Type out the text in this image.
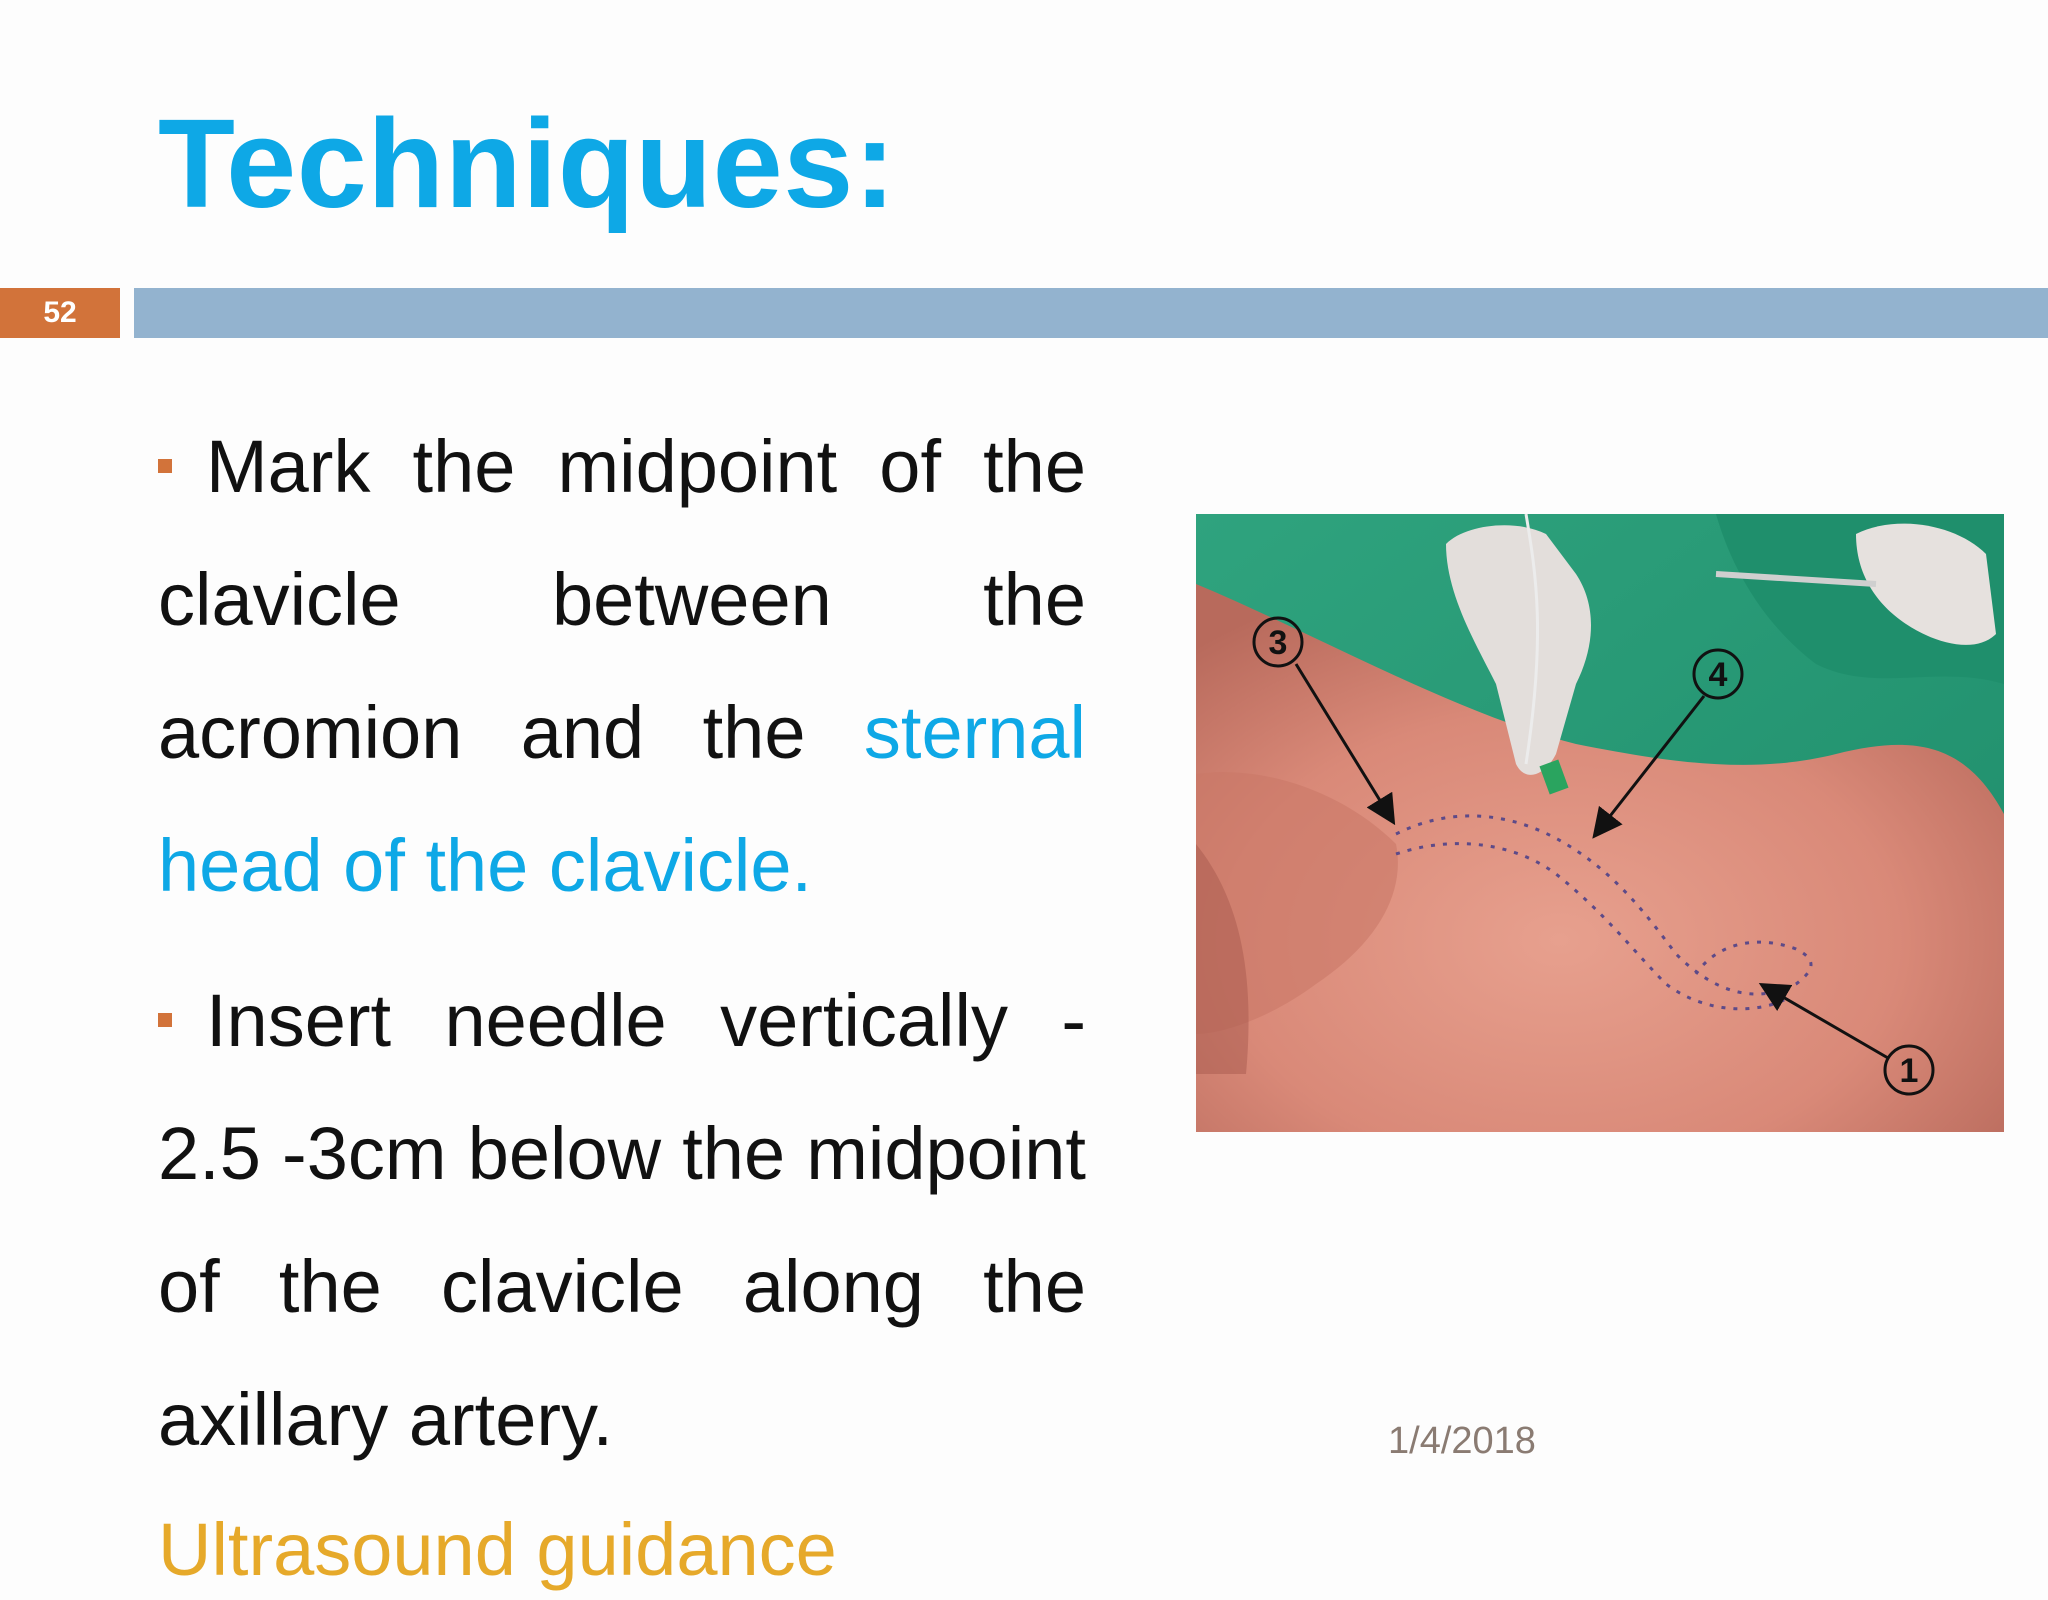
Techniques:
52
Mark the midpoint of the clavicle between the acromion and the sternal head of the clavicle.
Insert needle vertically - 2.5 -3cm below the midpoint of the clavicle along the axillary artery.
Ultrasound guidance
3
4
1
1/4/2018
